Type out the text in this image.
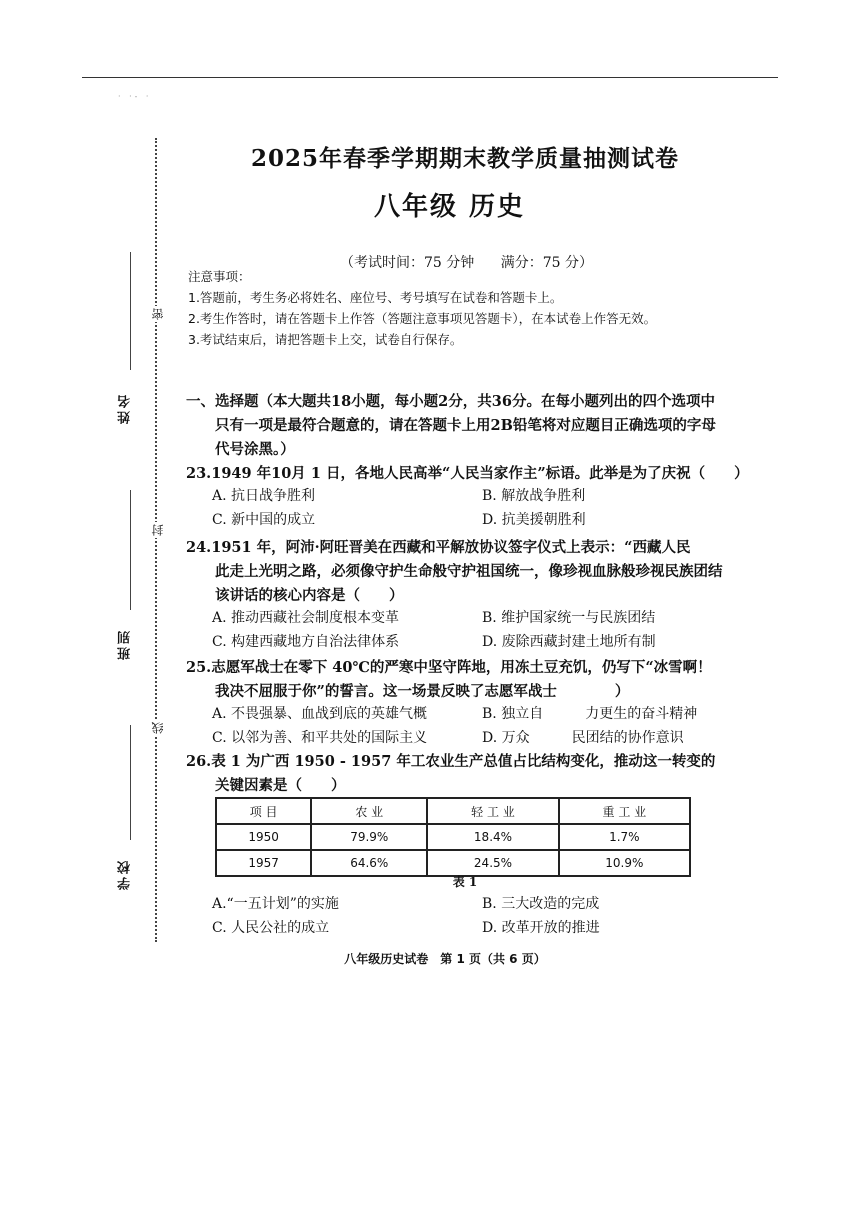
· ·‐ ·
姓名
班别
学校
密
封
线
2025年春季学期期末教学质量抽测试卷
八年级 历史
（考试时间：75 分钟 满分：75 分）
注意事项：
1.答题前，考生务必将姓名、座位号、考号填写在试卷和答题卡上。
2.考生作答时，请在答题卡上作答（答题注意事项见答题卡），在本试卷上作答无效。
3.考试结束后，请把答题卡上交，试卷自行保存。
一、选择题（本大题共18小题，每小题2分，共36分。在每小题列出的四个选项中
只有一项是最符合题意的，请在答题卡上用2B铅笔将对应题目正确选项的字母
代号涂黑。）
23.1949 年10月 1 日，各地人民高举“人民当家作主”标语。此举是为了庆祝（　　）
A. 抗日战争胜利	B. 解放战争胜利
C. 新中国的成立	D. 抗美援朝胜利
24.1951 年，阿沛·阿旺晋美在西藏和平解放协议签字仪式上表示：“西藏人民
此走上光明之路，必须像守护生命般守护祖国统一，像珍视血脉般珍视民族团结
该讲话的核心内容是（　　）
A. 推动西藏社会制度根本变革	B. 维护国家统一与民族团结
C. 构建西藏地方自治法律体系	D. 废除西藏封建土地所有制
25.志愿军战士在零下 40℃的严寒中坚守阵地，用冻土豆充饥，仍写下“冰雪啊！
我决不屈服于你”的誓言。这一场景反映了志愿军战士　　　　）
A. 不畏强暴、血战到底的英雄气概	B. 独立自　　　力更生的奋斗精神
C. 以邻为善、和平共处的国际主义	D. 万众　　　民团结的协作意识
26.表 1 为广西 1950 - 1957 年工农业生产总值占比结构变化，推动这一转变的
关键因素是（　　）
项 目	农 业	轻 工 业	重 工 业
1950	79.9%	18.4%	1.7%
1957	64.6%	24.5%	10.9%
表 1
A.“一五计划”的实施	B. 三大改造的完成
C. 人民公社的成立	D. 改革开放的推进
八年级历史试卷　第 1 页（共 6 页）
